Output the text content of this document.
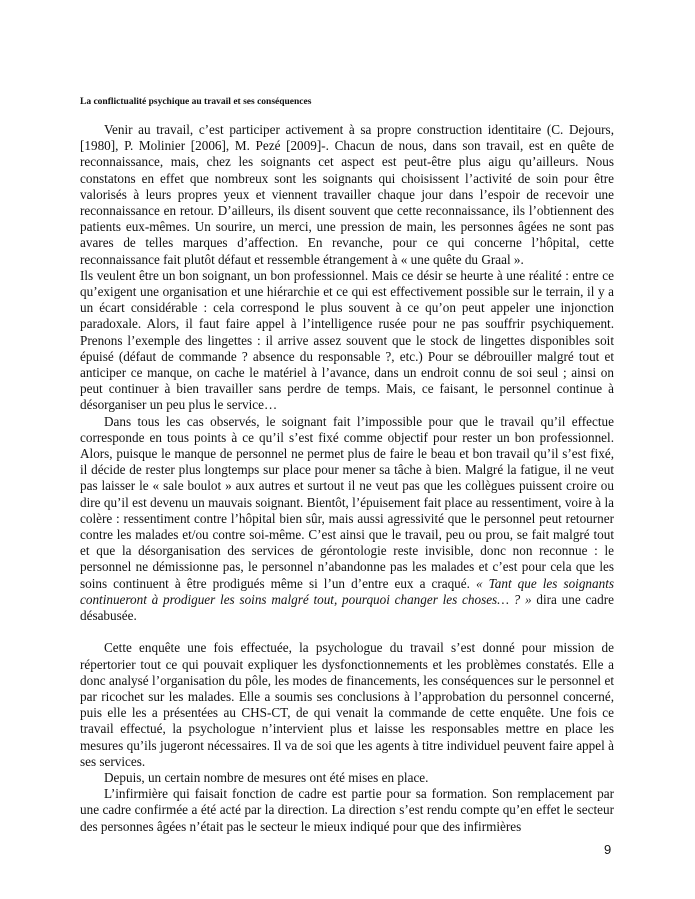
La conflictualité psychique au travail et ses conséquences

Venir au travail, c’est participer activement à sa propre construction identitaire (C. Dejours, [1980], P. Molinier [2006], M. Pezé [2009]-. Chacun de nous, dans son travail, est en quête de reconnaissance, mais, chez les soignants cet aspect est peut-être plus aigu qu’ailleurs. Nous constatons en effet que nombreux sont les soignants qui choisissent l’activité de soin pour être valorisés à leurs propres yeux et viennent travailler chaque jour dans l’espoir de recevoir une reconnaissance en retour. D’ailleurs, ils disent souvent que cette reconnaissance, ils l’obtiennent des patients eux-mêmes. Un sourire, un merci, une pression de main, les personnes âgées ne sont pas avares de telles marques d’affection. En revanche, pour ce qui concerne l’hôpital, cette reconnaissance fait plutôt défaut et ressemble étrangement à « une quête du Graal ».

Ils veulent être un bon soignant, un bon professionnel. Mais ce désir se heurte à une réalité : entre ce qu’exigent une organisation et une hiérarchie et ce qui est effectivement possible sur le terrain, il y a un écart considérable : cela correspond le plus souvent à ce qu’on peut appeler une injonction paradoxale. Alors, il faut faire appel à l’intelligence rusée pour ne pas souffrir psychiquement. Prenons l’exemple des lingettes : il arrive assez souvent que le stock de lingettes disponibles soit épuisé (défaut de commande ? absence du responsable ?, etc.) Pour se débrouiller malgré tout et anticiper ce manque, on cache le matériel à l’avance, dans un endroit connu de soi seul ; ainsi on peut continuer à bien travailler sans perdre de temps. Mais, ce faisant, le personnel continue à désorganiser un peu plus le service…

Dans tous les cas observés, le soignant fait l’impossible pour que le travail qu’il effectue corresponde en tous points à ce qu’il s’est fixé comme objectif pour rester un bon professionnel. Alors, puisque le manque de personnel ne permet plus de faire le beau et bon travail qu’il s’est fixé, il décide de rester plus longtemps sur place pour mener sa tâche à bien. Malgré la fatigue, il ne veut pas laisser le « sale boulot » aux autres et surtout il ne veut pas que les collègues puissent croire ou dire qu’il est devenu un mauvais soignant. Bientôt, l’épuisement fait place au ressentiment, voire à la colère : ressentiment contre l’hôpital bien sûr, mais aussi agressivité que le personnel peut retourner contre les malades et/ou contre soi-même. C’est ainsi que le travail, peu ou prou, se fait malgré tout et que la désorganisation des services de gérontologie reste invisible, donc non reconnue : le personnel ne démissionne pas, le personnel n’abandonne pas les malades et c’est pour cela que les soins continuent à être prodigués même si l’un d’entre eux a craqué. « Tant que les soignants continueront à prodiguer les soins malgré tout, pourquoi changer les choses… ? » dira une cadre désabusée.

Cette enquête une fois effectuée, la psychologue du travail s’est donné pour mission de répertorier tout ce qui pouvait expliquer les dysfonctionnements et les problèmes constatés. Elle a donc analysé l’organisation du pôle, les modes de financements, les conséquences sur le personnel et par ricochet sur les malades. Elle a soumis ses conclusions à l’approbation du personnel concerné, puis elle les a présentées au CHS-CT, de qui venait la commande de cette enquête. Une fois ce travail effectué, la psychologue n’intervient plus et laisse les responsables mettre en place les mesures qu’ils jugeront nécessaires. Il va de soi que les agents à titre individuel peuvent faire appel à ses services.

Depuis, un certain nombre de mesures ont été mises en place.

L’infirmière qui faisait fonction de cadre est partie pour sa formation. Son remplacement par une cadre confirmée a été acté par la direction. La direction s’est rendu compte qu’en effet le secteur des personnes âgées n’était pas le secteur le mieux indiqué pour que des infirmières

9
